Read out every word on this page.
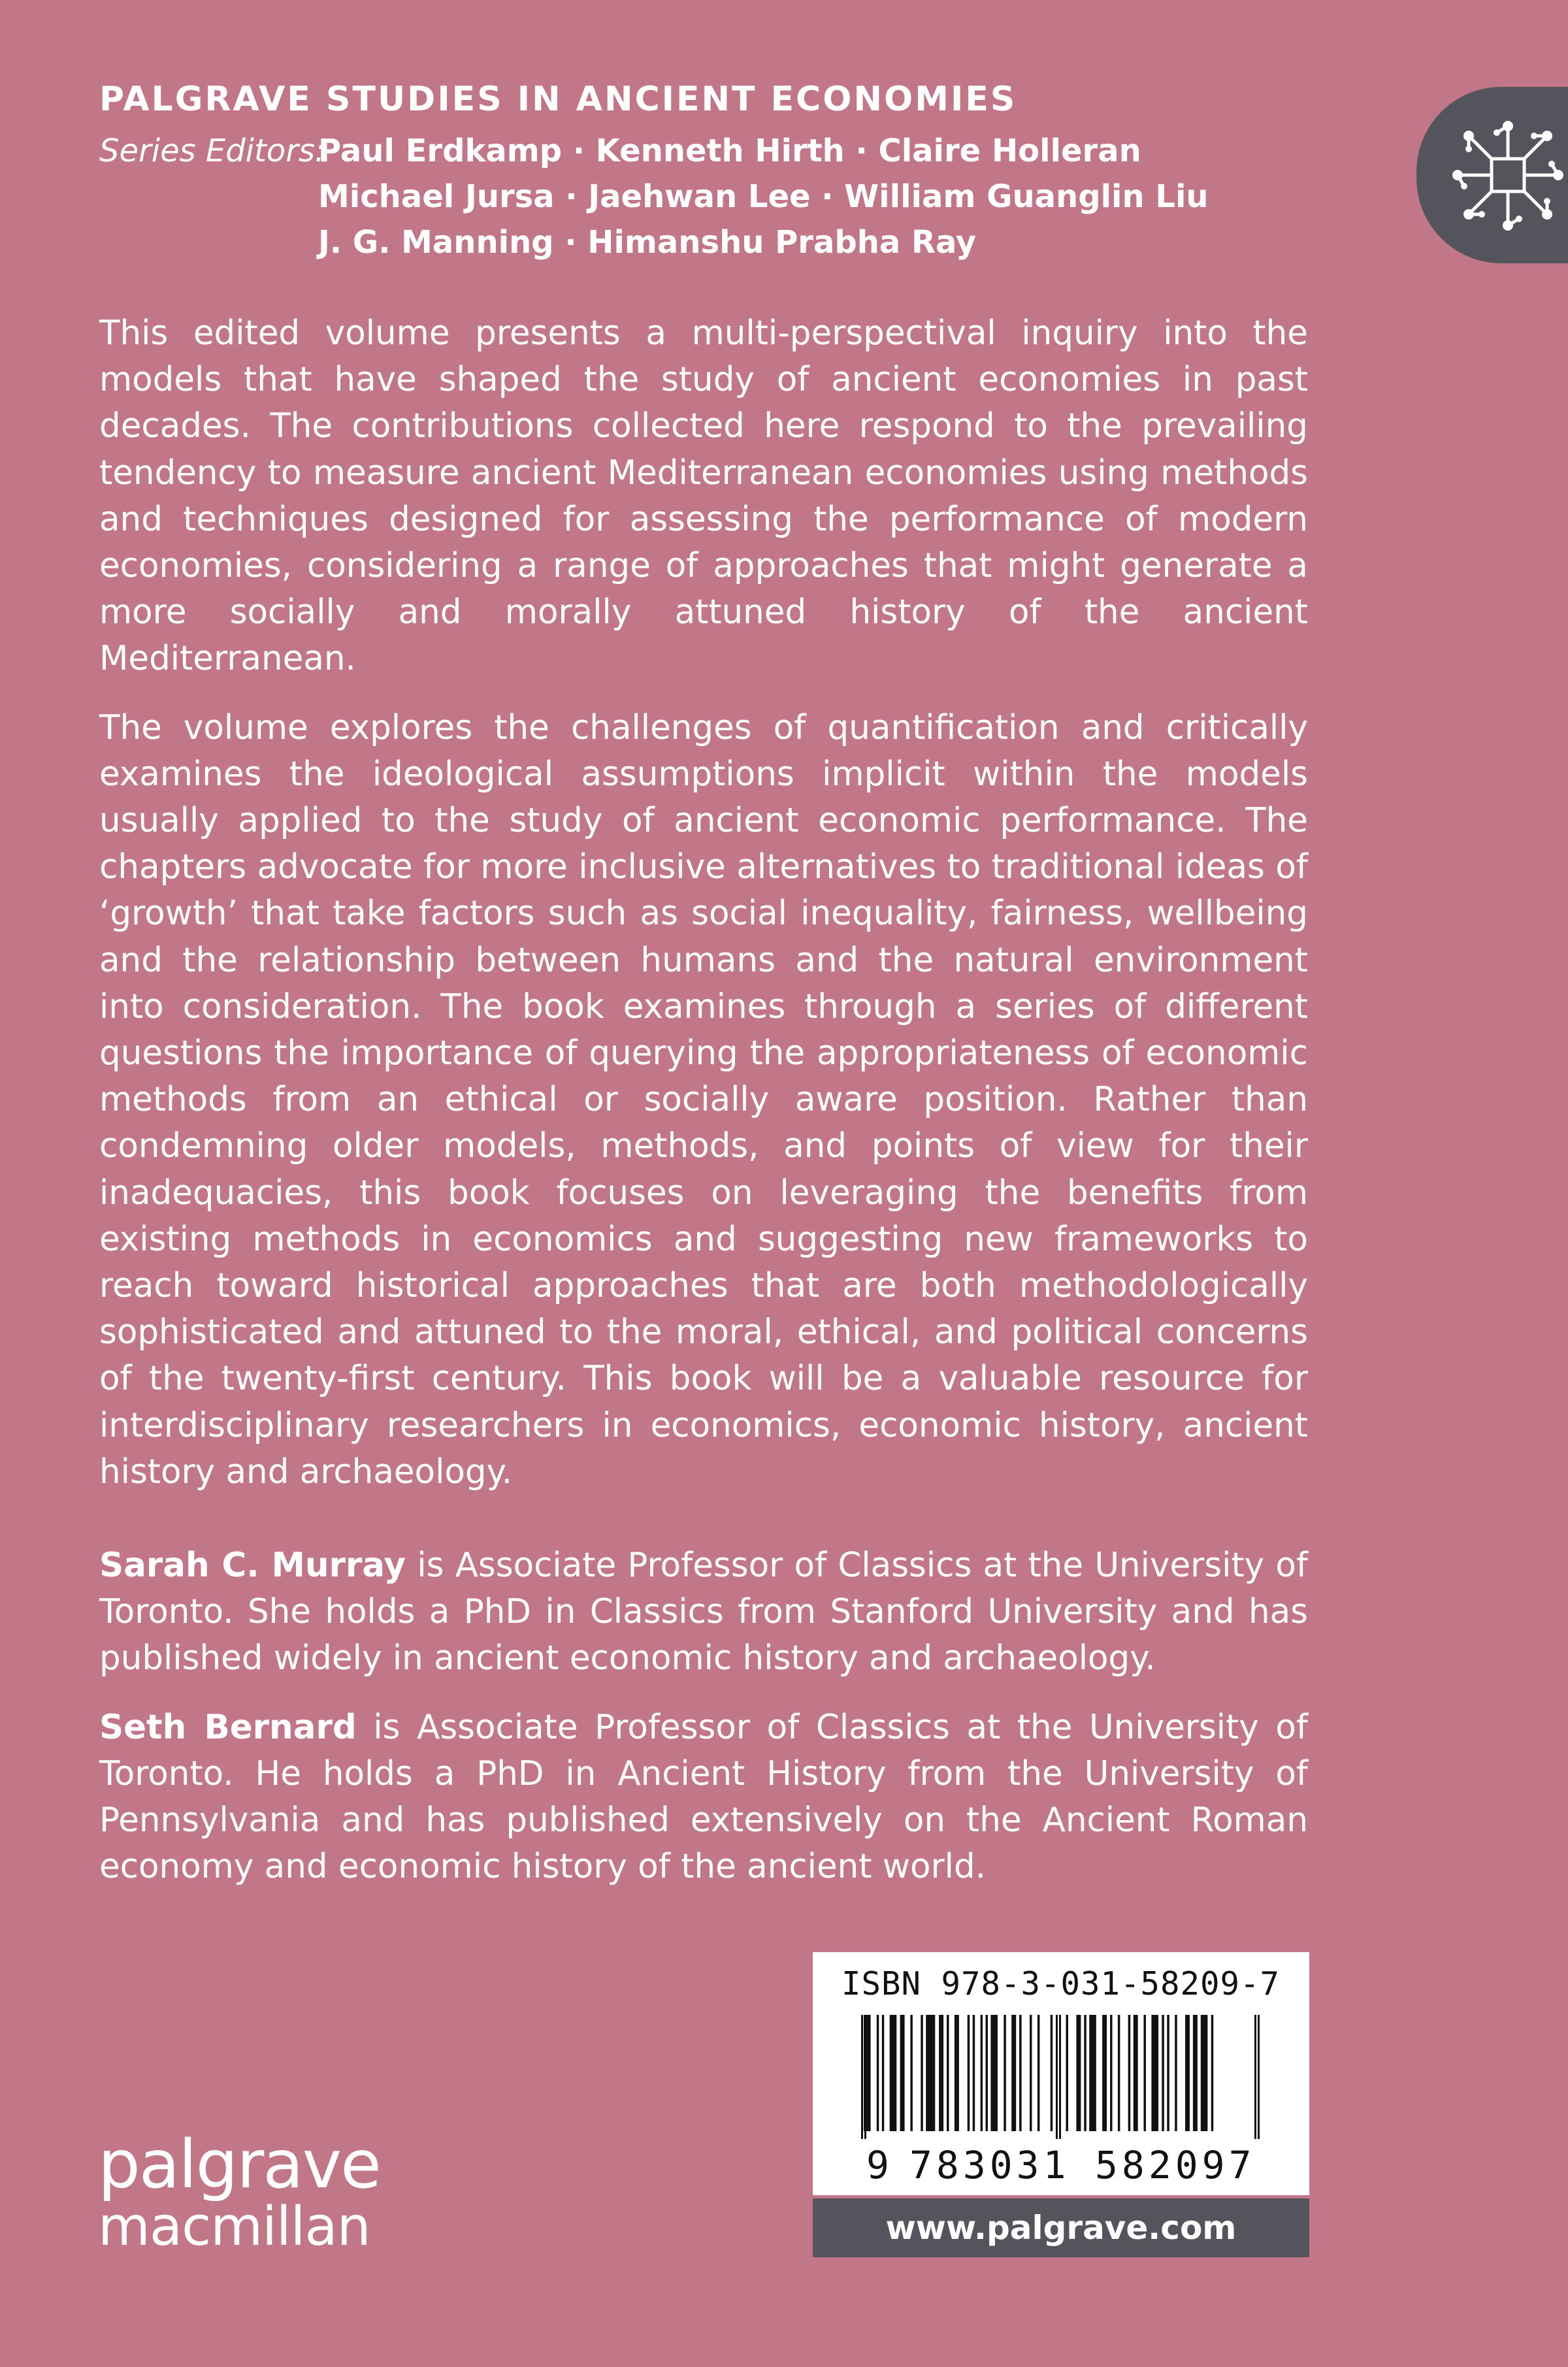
PALGRAVE STUDIES IN ANCIENT ECONOMIES
Series Editors:
Paul Erdkamp · Kenneth Hirth · Claire Holleran
Michael Jursa · Jaehwan Lee · William Guanglin Liu
J. G. Manning · Himanshu Prabha Ray

This edited volume presents a multi-perspectival inquiry into the models that have shaped the study of ancient economies in past decades. The contributions collected here respond to the prevailing tendency to measure ancient Mediterranean economies using methods and techniques designed for assessing the performance of modern economies, considering a range of approaches that might generate a more socially and morally attuned history of the ancient Mediterranean.

The volume explores the challenges of quantification and critically examines the ideological assumptions implicit within the models usually applied to the study of ancient economic performance. The chapters advocate for more inclusive alternatives to traditional ideas of ‘growth’ that take factors such as social inequality, fairness, wellbeing and the relationship between humans and the natural environment into consideration. The book examines through a series of different questions the importance of querying the appropriateness of economic methods from an ethical or socially aware position. Rather than condemning older models, methods, and points of view for their inadequacies, this book focuses on leveraging the benefits from existing methods in economics and suggesting new frameworks to reach toward historical approaches that are both methodologically sophisticated and attuned to the moral, ethical, and political concerns of the twenty-first century. This book will be a valuable resource for interdisciplinary researchers in economics, economic history, ancient history and archaeology.

Sarah C. Murray is Associate Professor of Classics at the University of Toronto. She holds a PhD in Classics from Stanford University and has published widely in ancient economic history and archaeology.

Seth Bernard is Associate Professor of Classics at the University of Toronto. He holds a PhD in Ancient History from the University of Pennsylvania and has published extensively on the Ancient Roman economy and economic history of the ancient world.

ISBN 978-3-031-58209-7
9 783031 582097
www.palgrave.com
palgrave
macmillan
